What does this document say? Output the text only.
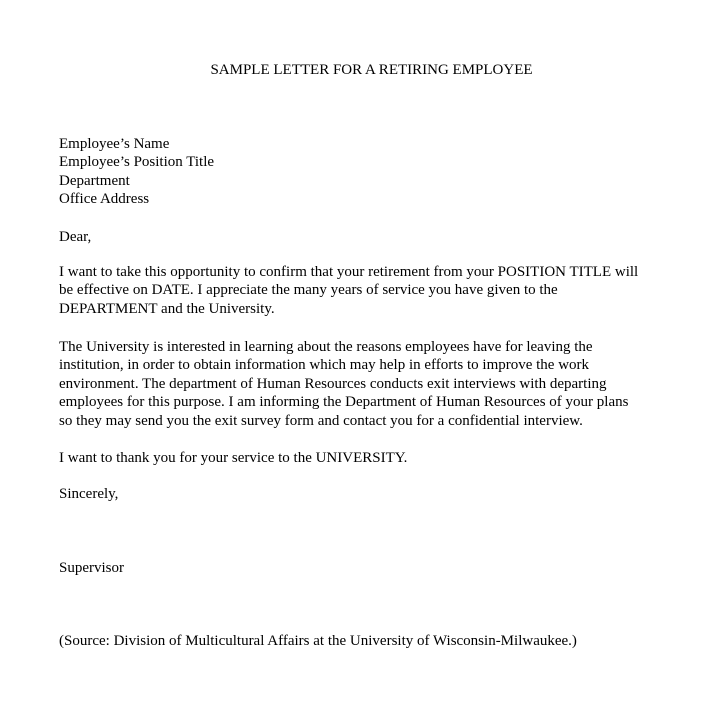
SAMPLE LETTER FOR A RETIRING EMPLOYEE
Employee’s Name
Employee’s Position Title
Department
Office Address
Dear,
I want to take this opportunity to confirm that your retirement from your POSITION TITLE will
be effective on DATE. I appreciate the many years of service you have given to the
DEPARTMENT and the University.
The University is interested in learning about the reasons employees have for leaving the
institution, in order to obtain information which may help in efforts to improve the work
environment. The department of Human Resources conducts exit interviews with departing
employees for this purpose. I am informing the Department of Human Resources of your plans
so they may send you the exit survey form and contact you for a confidential interview.
I want to thank you for your service to the UNIVERSITY.
Sincerely,
Supervisor
(Source: Division of Multicultural Affairs at the University of Wisconsin-Milwaukee.)
